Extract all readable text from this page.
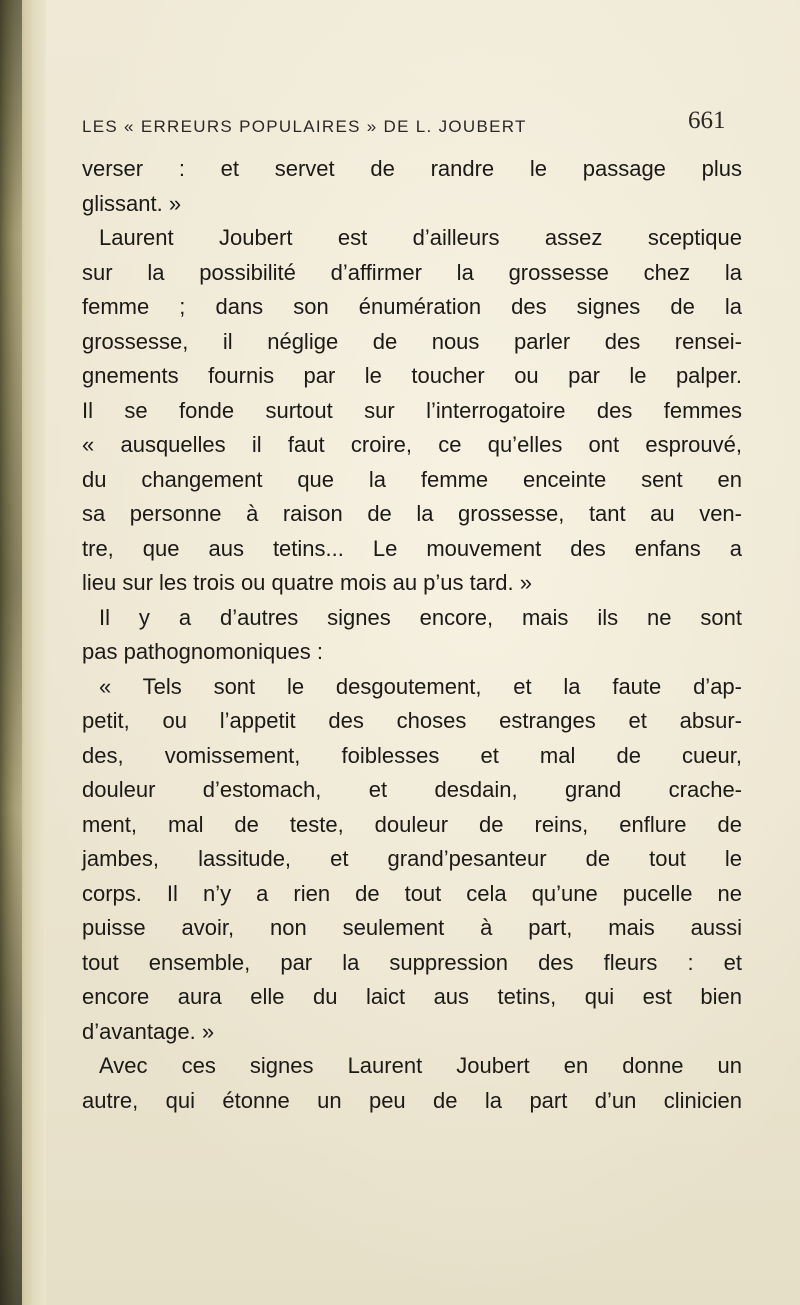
LES « ERREURS POPULAIRES » DE L. JOUBERT	661
verser : et servet de randre le passage plus
glissant. »
Laurent Joubert est d’ailleurs assez sceptique
sur la possibilité d’affirmer la grossesse chez la
femme ; dans son énumération des signes de la
grossesse, il néglige de nous parler des rensei-
gnements fournis par le toucher ou par le palper.
Il se fonde surtout sur l’interrogatoire des femmes
« ausquelles il faut croire, ce qu’elles ont esprouvé,
du changement que la femme enceinte sent en
sa personne à raison de la grossesse, tant au ven-
tre, que aus tetins... Le mouvement des enfans a
lieu sur les trois ou quatre mois au p’us tard. »
Il y a d’autres signes encore, mais ils ne sont
pas pathognomoniques :
« Tels sont le desgoutement, et la faute d’ap-
petit, ou l’appetit des choses estranges et absur-
des, vomissement, foiblesses et mal de cueur,
douleur d’estomach, et desdain, grand crache-
ment, mal de teste, douleur de reins, enflure de
jambes, lassitude, et grand’pesanteur de tout le
corps. Il n’y a rien de tout cela qu’une pucelle ne
puisse avoir, non seulement à part, mais aussi
tout ensemble, par la suppression des fleurs : et
encore aura elle du laict aus tetins, qui est bien
d’avantage. »
Avec ces signes Laurent Joubert en donne un
autre, qui étonne un peu de la part d’un clinicien
